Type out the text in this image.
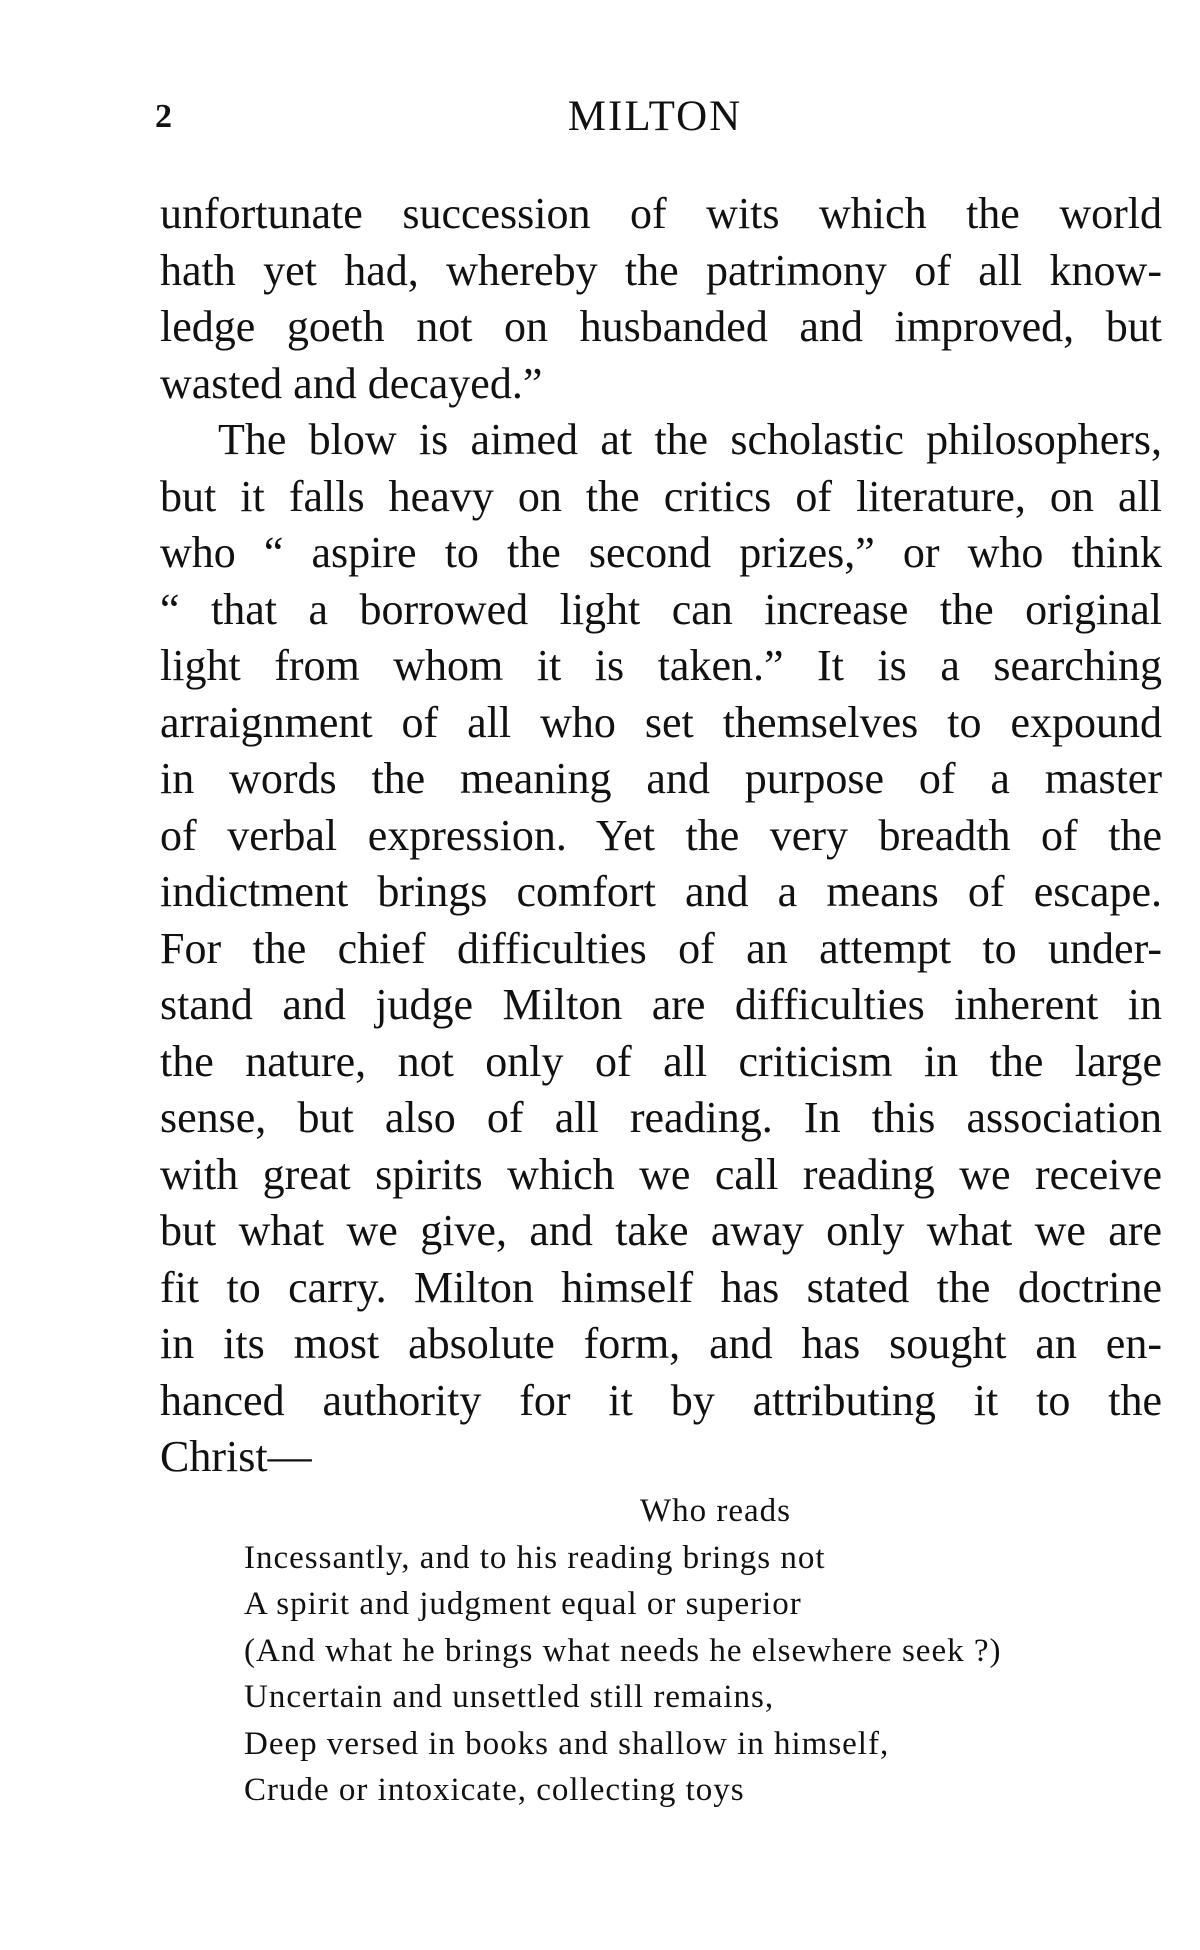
2	MILTON
unfortunate succession of wits which the world
hath yet had, whereby the patrimony of all know-
ledge goeth not on husbanded and improved, but
wasted and decayed.”
The blow is aimed at the scholastic philosophers,
but it falls heavy on the critics of literature, on all
who “ aspire to the second prizes,” or who think
“ that a borrowed light can increase the original
light from whom it is taken.” It is a searching
arraignment of all who set themselves to expound
in words the meaning and purpose of a master
of verbal expression. Yet the very breadth of the
indictment brings comfort and a means of escape.
For the chief difficulties of an attempt to under-
stand and judge Milton are difficulties inherent in
the nature, not only of all criticism in the large
sense, but also of all reading. In this association
with great spirits which we call reading we receive
but what we give, and take away only what we are
fit to carry. Milton himself has stated the doctrine
in its most absolute form, and has sought an en-
hanced authority for it by attributing it to the
Christ—
Who reads
Incessantly, and to his reading brings not
A spirit and judgment equal or superior
(And what he brings what needs he elsewhere seek ?)
Uncertain and unsettled still remains,
Deep versed in books and shallow in himself,
Crude or intoxicate, collecting toys
